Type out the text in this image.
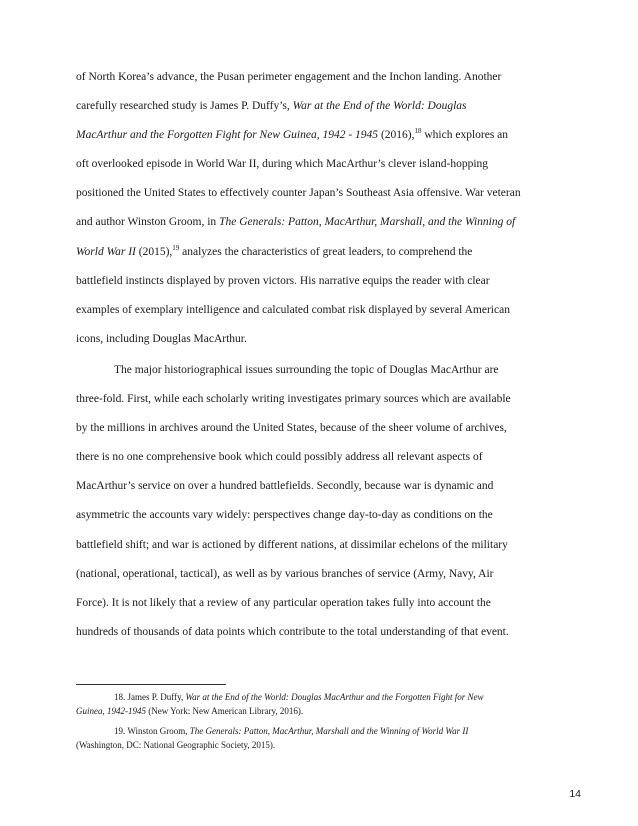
of North Korea’s advance, the Pusan perimeter engagement and the Inchon landing. Another
carefully researched study is James P. Duffy’s, War at the End of the World: Douglas
MacArthur and the Forgotten Fight for New Guinea, 1942 - 1945 (2016),$^{18}$ which explores an
oft overlooked episode in World War II, during which MacArthur’s clever island-hopping
positioned the United States to effectively counter Japan’s Southeast Asia offensive. War veteran
and author Winston Groom, in The Generals: Patton, MacArthur, Marshall, and the Winning of
World War II (2015),$^{19}$ analyzes the characteristics of great leaders, to comprehend the
battlefield instincts displayed by proven victors. His narrative equips the reader with clear
examples of exemplary intelligence and calculated combat risk displayed by several American
icons, including Douglas MacArthur.
The major historiographical issues surrounding the topic of Douglas MacArthur are
three-fold. First, while each scholarly writing investigates primary sources which are available
by the millions in archives around the United States, because of the sheer volume of archives,
there is no one comprehensive book which could possibly address all relevant aspects of
MacArthur’s service on over a hundred battlefields. Secondly, because war is dynamic and
asymmetric the accounts vary widely: perspectives change day-to-day as conditions on the
battlefield shift; and war is actioned by different nations, at dissimilar echelons of the military
(national, operational, tactical), as well as by various branches of service (Army, Navy, Air
Force). It is not likely that a review of any particular operation takes fully into account the
hundreds of thousands of data points which contribute to the total understanding of that event.
18. James P. Duffy, War at the End of the World: Douglas MacArthur and the Forgotten Fight for New
Guinea, 1942-1945 (New York: New American Library, 2016).
19. Winston Groom, The Generals: Patton, MacArthur, Marshall and the Winning of World War II
(Washington, DC: National Geographic Society, 2015).
14
